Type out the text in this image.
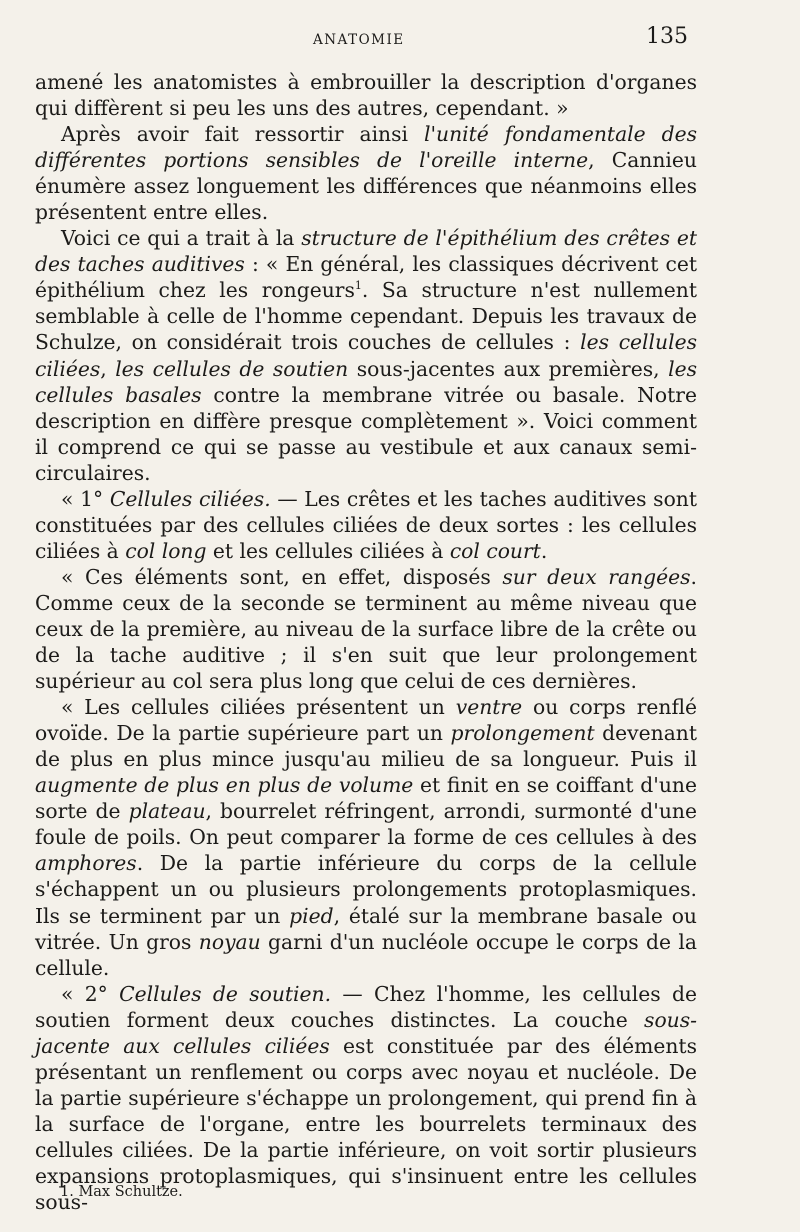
ANATOMIE	135

amené les anatomistes à embrouiller la description d'organes qui diffèrent si peu les uns des autres, cependant. »

Après avoir fait ressortir ainsi l'unité fondamentale des différentes portions sensibles de l'oreille interne, Cannieu énumère assez longuement les différences que néanmoins elles présentent entre elles.

Voici ce qui a trait à la structure de l'épithélium des crêtes et des taches auditives : « En général, les classiques décrivent cet épithélium chez les rongeurs$^1$. Sa structure n'est nullement semblable à celle de l'homme cependant. Depuis les travaux de Schulze, on considérait trois couches de cellules : les cellules ciliées, les cellules de soutien sous-jacentes aux premières, les cellules basales contre la membrane vitrée ou basale. Notre description en diffère presque complètement ». Voici comment il comprend ce qui se passe au vestibule et aux canaux semi-circulaires.

« 1° Cellules ciliées. — Les crêtes et les taches auditives sont constituées par des cellules ciliées de deux sortes : les cellules ciliées à col long et les cellules ciliées à col court.

« Ces éléments sont, en effet, disposés sur deux rangées. Comme ceux de la seconde se terminent au même niveau que ceux de la première, au niveau de la surface libre de la crête ou de la tache auditive ; il s'en suit que leur prolongement supérieur au col sera plus long que celui de ces dernières.

« Les cellules ciliées présentent un ventre ou corps renflé ovoïde. De la partie supérieure part un prolongement devenant de plus en plus mince jusqu'au milieu de sa longueur. Puis il augmente de plus en plus de volume et finit en se coiffant d'une sorte de plateau, bourrelet réfringent, arrondi, surmonté d'une foule de poils. On peut comparer la forme de ces cellules à des amphores. De la partie inférieure du corps de la cellule s'échappent un ou plusieurs prolongements protoplasmiques. Ils se terminent par un pied, étalé sur la membrane basale ou vitrée. Un gros noyau garni d'un nucléole occupe le corps de la cellule.

« 2° Cellules de soutien. — Chez l'homme, les cellules de soutien forment deux couches distinctes. La couche sous-jacente aux cellules ciliées est constituée par des éléments présentant un renflement ou corps avec noyau et nucléole. De la partie supérieure s'échappe un prolongement, qui prend fin à la surface de l'organe, entre les bourrelets terminaux des cellules ciliées. De la partie inférieure, on voit sortir plusieurs expansions protoplasmiques, qui s'insinuent entre les cellules sous-

1. Max Schultze.
